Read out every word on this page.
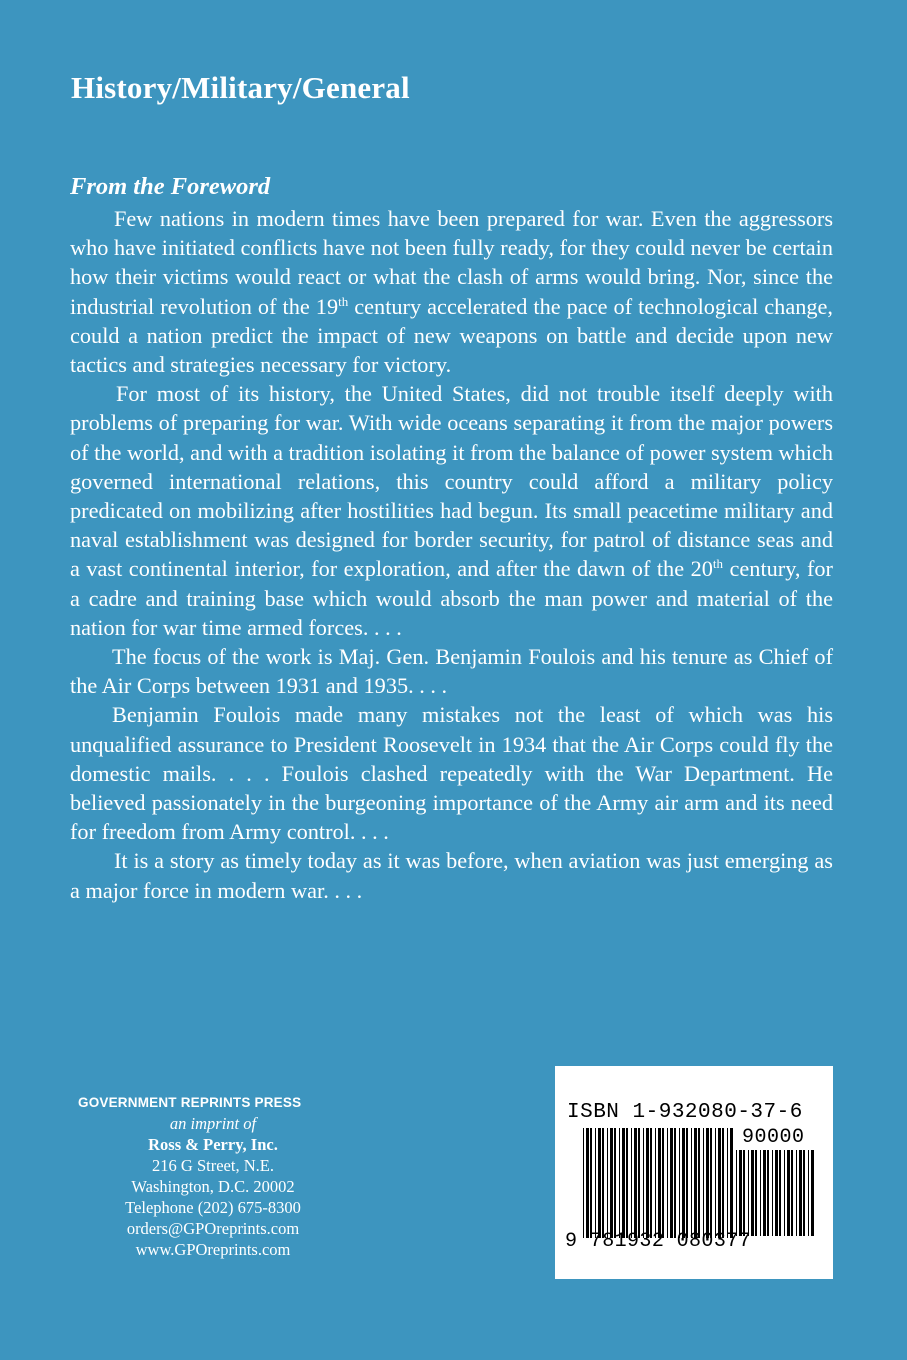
History/Military/General
From the Foreword

Few nations in modern times have been prepared for war. Even the aggressors who have initiated conflicts have not been fully ready, for they could never be certain how their victims would react or what the clash of arms would bring. Nor, since the industrial revolution of the 19th century accelerated the pace of technological change, could a nation predict the impact of new weapons on battle and decide upon new tactics and strategies necessary for victory.

For most of its history, the United States, did not trouble itself deeply with problems of preparing for war. With wide oceans separating it from the major powers of the world, and with a tradition isolating it from the balance of power system which governed international relations, this country could afford a military policy predicated on mobilizing after hostilities had begun. Its small peacetime military and naval establishment was designed for border security, for patrol of distance seas and a vast continental interior, for exploration, and after the dawn of the 20th century, for a cadre and training base which would absorb the man power and material of the nation for war time armed forces. . . .

The focus of the work is Maj. Gen. Benjamin Foulois and his tenure as Chief of the Air Corps between 1931 and 1935. . . .

Benjamin Foulois made many mistakes not the least of which was his unqualified assurance to President Roosevelt in 1934 that the Air Corps could fly the domestic mails. . . . Foulois clashed repeatedly with the War Department. He believed passionately in the burgeoning importance of the Army air arm and its need for freedom from Army control. . . .

It is a story as timely today as it was before, when aviation was just emerging as a major force in modern war. . . .

GOVERNMENT REPRINTS PRESS
an imprint of
Ross & Perry, Inc.
216 G Street, N.E.
Washington, D.C. 20002
Telephone (202) 675-8300
orders@GPOreprints.com
www.GPOreprints.com
ISBN 1-932080-37-6
90000
9 781932 080377
